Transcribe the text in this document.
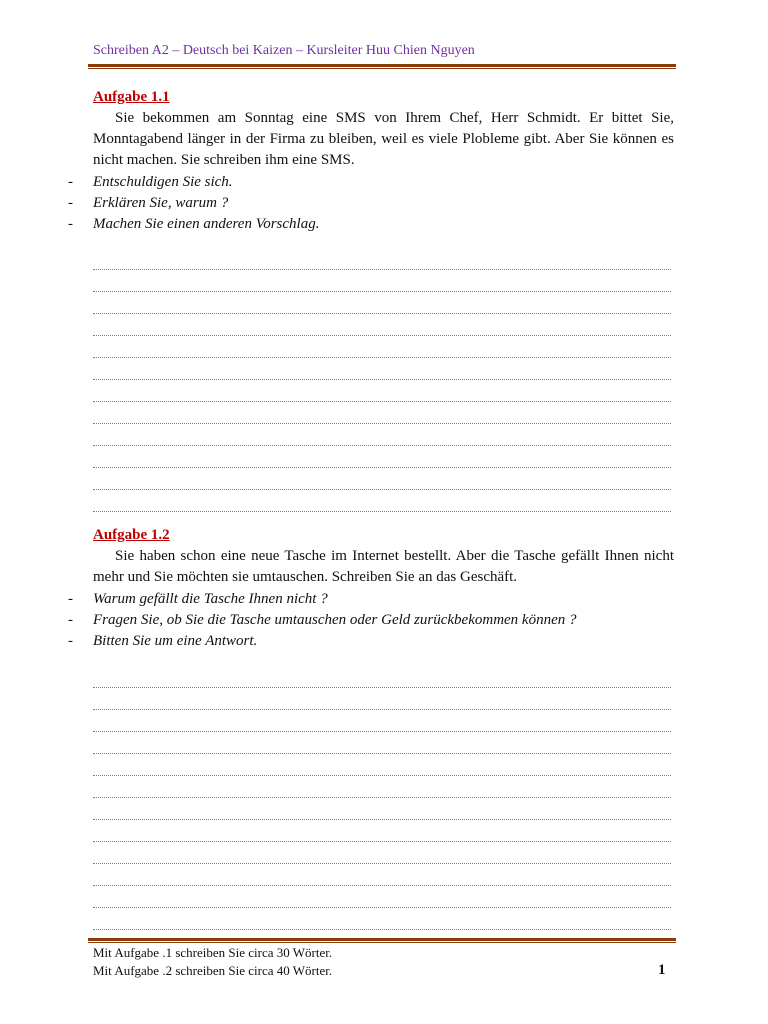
Schreiben A2 – Deutsch bei Kaizen – Kursleiter Huu Chien Nguyen
Aufgabe 1.1
Sie bekommen am Sonntag eine SMS von Ihrem Chef, Herr Schmidt. Er bittet Sie, Monntagabend länger in der Firma zu bleiben, weil es viele Plobleme gibt. Aber Sie können es nicht machen. Sie schreiben ihm eine SMS.
- Entschuldigen Sie sich.
- Erklären Sie, warum ?
- Machen Sie einen anderen Vorschlag.
Aufgabe 1.2
Sie haben schon eine neue Tasche im Internet bestellt. Aber die Tasche gefällt Ihnen nicht mehr und Sie möchten sie umtauschen. Schreiben Sie an das Geschäft.
- Warum gefällt die Tasche Ihnen nicht ?
- Fragen Sie, ob Sie die Tasche umtauschen oder Geld zurückbekommen können ?
- Bitten Sie um eine Antwort.
Mit Aufgabe .1 schreiben Sie circa 30 Wörter.
Mit Aufgabe .2 schreiben Sie circa 40 Wörter.	1
